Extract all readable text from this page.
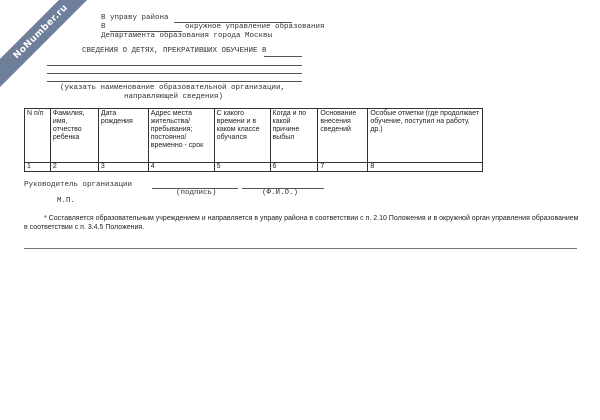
NoNumber.ru	В управу района
В	окружное управление образования
Департамента образования города Москвы
СВЕДЕНИЯ О ДЕТЯХ, ПРЕКРАТИВШИХ ОБУЧЕНИЕ В
(указать наименование образовательной организации,
направляющей сведения)
N п/п	Фамилия, имя, отчество ребенка	Дата рождения	Адрес места жительства/ пребывания; постоянно/ временно - срок	С какого времени и в каком классе обучался	Когда и по какой причине выбыл	Основание внесения сведений	Особые отметки (где продолжает обучение, поступил на работу, др.)
1	2	3	4	5	6	7	8
Руководитель организации
(подпись)	(Ф.И.О.)
М.П.
* Составляется образовательным учреждением и направляется в управу района в соответствии с п. 2.10 Положения и в окружной орган управления образованием в соответствии с п. 3.4.5 Положения.
